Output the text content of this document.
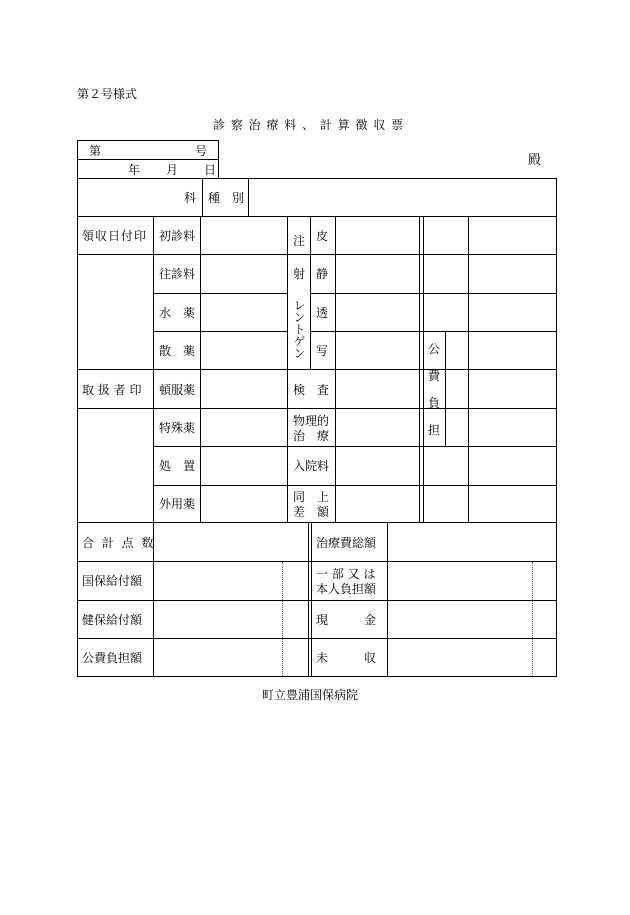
第２号様式
診 察 治 療 料 、 計 算 徴 収 票
殿
第	号
年 月 日
科 種　別
領収日付印
取 扱 者 印
初診料
往診料
水　薬
散　薬
頓服薬
特殊薬
処　置
外用薬
注
射
皮
静
レントゲン 透
写
検　査
物理的
治　療
入院料
同　上
差　額
公
費
負
担
合 計 点 数
国保給付額
健保給付額
公費負担額
治療費総額
一 部 又 は
本人負担額
現　　　金
未　　　収
町立豊浦国保病院
